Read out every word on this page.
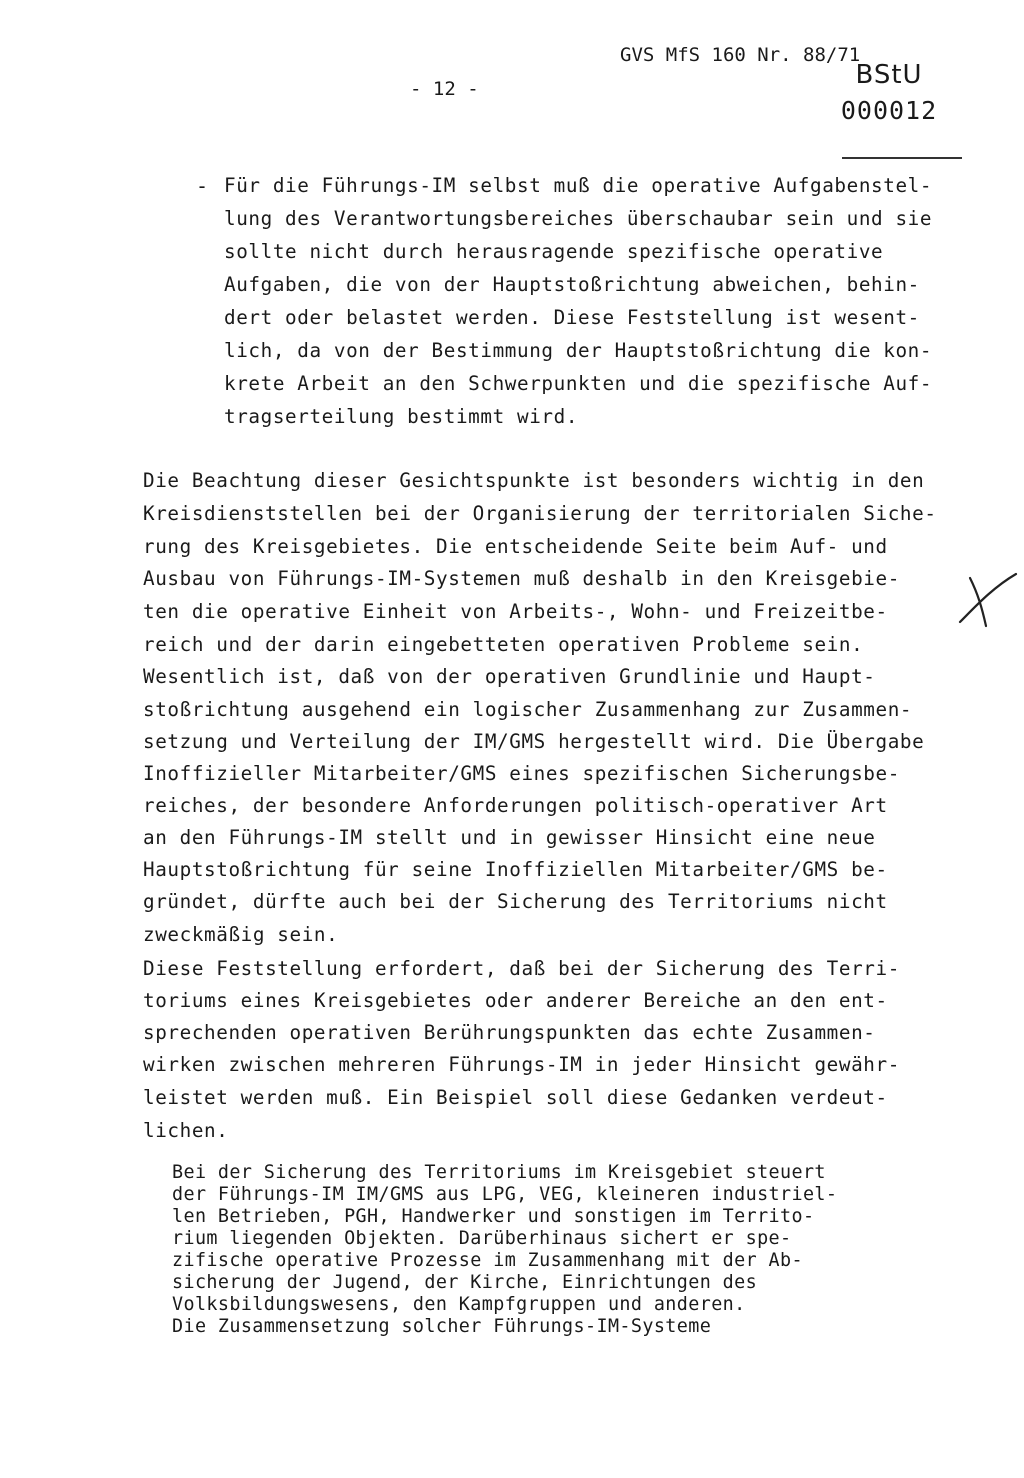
GVS MfS 160 Nr. 88/71
- 12 -	BStU
000012
- Für die Führungs-IM selbst muß die operative Aufgabenstel-
lung des Verantwortungsbereiches überschaubar sein und sie
sollte nicht durch herausragende spezifische operative
Aufgaben, die von der Hauptstoßrichtung abweichen, behin-
dert oder belastet werden. Diese Feststellung ist wesent-
lich, da von der Bestimmung der Hauptstoßrichtung die kon-
krete Arbeit an den Schwerpunkten und die spezifische Auf-
tragserteilung bestimmt wird.
Die Beachtung dieser Gesichtspunkte ist besonders wichtig in den
Kreisdienststellen bei der Organisierung der territorialen Siche-
rung des Kreisgebietes. Die entscheidende Seite beim Auf- und
Ausbau von Führungs-IM-Systemen muß deshalb in den Kreisgebie-
ten die operative Einheit von Arbeits-, Wohn- und Freizeitbe-
reich und der darin eingebetteten operativen Probleme sein.
Wesentlich ist, daß von der operativen Grundlinie und Haupt-
stoßrichtung ausgehend ein logischer Zusammenhang zur Zusammen-
setzung und Verteilung der IM/GMS hergestellt wird. Die Übergabe
Inoffizieller Mitarbeiter/GMS eines spezifischen Sicherungsbe-
reiches, der besondere Anforderungen politisch-operativer Art
an den Führungs-IM stellt und in gewisser Hinsicht eine neue
Hauptstoßrichtung für seine Inoffiziellen Mitarbeiter/GMS be-
gründet, dürfte auch bei der Sicherung des Territoriums nicht
zweckmäßig sein.
Diese Feststellung erfordert, daß bei der Sicherung des Terri-
toriums eines Kreisgebietes oder anderer Bereiche an den ent-
sprechenden operativen Berührungspunkten das echte Zusammen-
wirken zwischen mehreren Führungs-IM in jeder Hinsicht gewähr-
leistet werden muß. Ein Beispiel soll diese Gedanken verdeut-
lichen.
Bei der Sicherung des Territoriums im Kreisgebiet steuert
der Führungs-IM IM/GMS aus LPG, VEG, kleineren industriel-
len Betrieben, PGH, Handwerker und sonstigen im Territo-
rium liegenden Objekten. Darüberhinaus sichert er spe-
zifische operative Prozesse im Zusammenhang mit der Ab-
sicherung der Jugend, der Kirche, Einrichtungen des
Volksbildungswesens, den Kampfgruppen und anderen.
Die Zusammensetzung solcher Führungs-IM-Systeme
